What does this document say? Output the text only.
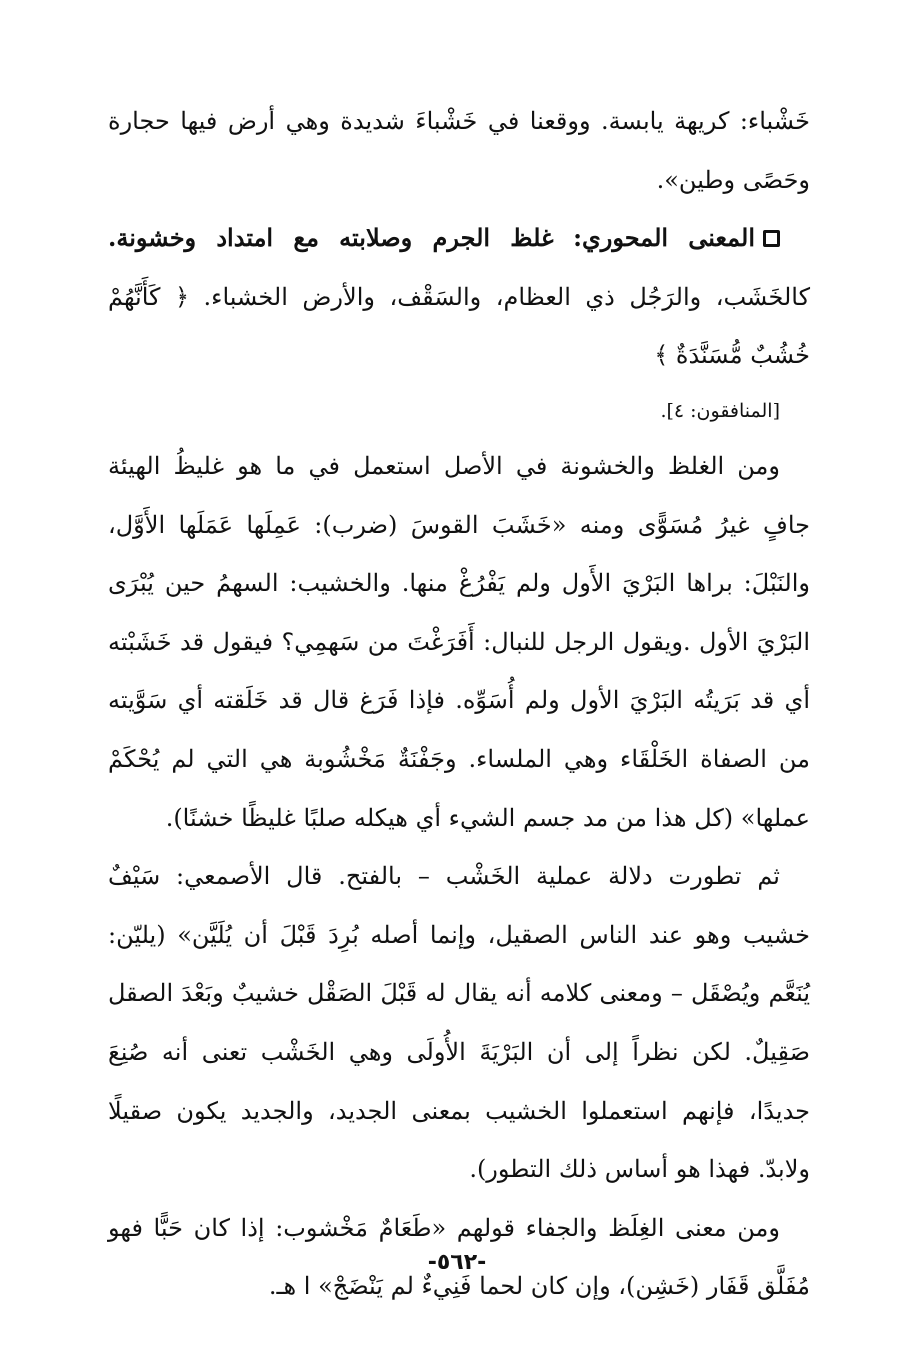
خَشْباء: كريهة يابسة. ووقعنا في خَشْباءَ شديدة وهي أرض فيها حجارة وحَصًى وطين».

المعنى المحوري: غلظ الجرم وصلابته مع امتداد وخشونة. كالخَشَب، والرَجُل ذي العظام، والسَقْف، والأرض الخشباء. ﴿ كَأَنَّهُمْ خُشُبٌ مُّسَنَّدَةٌ ﴾
[المنافقون: ٤].

ومن الغلظ والخشونة في الأصل استعمل في ما هو غليظُ الهيئة جافٍ غيرُ مُسَوًّى ومنه «خَشَبَ القوسَ (ضرب): عَمِلَها عَمَلَها الأَوَّل، والنَبْلَ: براها البَرْيَ الأَول ولم يَفْرُغْ منها. والخشيب: السهمُ حين يُبْرَى البَرْيَ الأول .ويقول الرجل للنبال: أَفَرَغْتَ من سَهمِي؟ فيقول قد خَشَبْته أي قد بَرَيتُه البَرْيَ الأول ولم أُسَوِّه. فإذا فَرَغ قال قد خَلَقته أي سَوَّيته من الصفاة الخَلْقَاء وهي الملساء. وجَفْنَةٌ مَخْشُوبة هي التي لم يُحْكَمْ عملها» (كل هذا من مد جسم الشيء أي هيكله صلبًا غليظًا خشنًا).

ثم تطورت دلالة عملية الخَشْب – بالفتح. قال الأصمعي: سَيْفٌ خشيب وهو عند الناس الصقيل، وإنما أصله بُرِدَ قَبْلَ أن يُلَيَّن» (يليّن: يُنَعَّم ويُصْقَل – ومعنى كلامه أنه يقال له قَبْلَ الصَقْل خشيبٌ وبَعْدَ الصقل صَقِيلٌ. لكن نظراً إلى أن البَرْيَةَ الأُولَى وهي الخَشْب تعنى أنه صُنِعَ جديدًا، فإنهم استعملوا الخشيب بمعنى الجديد، والجديد يكون صقيلًا ولابدّ. فهذا هو أساس ذلك التطور).

ومن معنى الغِلَظ والجفاء قولهم «طَعَامٌ مَخْشوب: إذا كان حَبًّا فهو مُفَلَّق قَفَار (خَشِن)، وإن كان لحما فَنِيءٌ لم يَنْضَجْ» ا هـ.

-٥٦٢-
